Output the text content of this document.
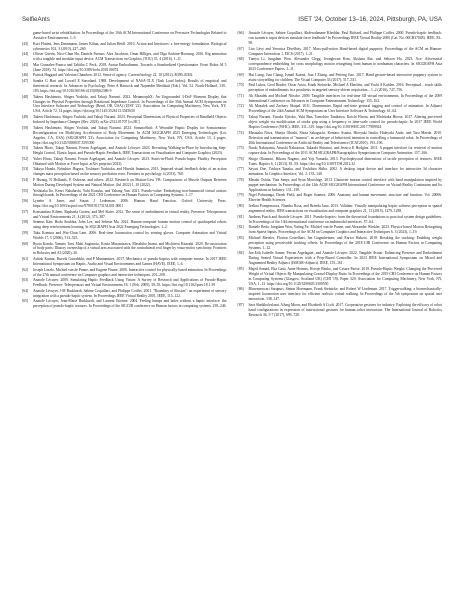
SelfieAnts	ISET '24, October 13–16, 2024, Pittsburgh, PA, USA

game-based wrist rehabilitation. In Proceedings of the 10th ACM International Conference on Pervasive Technologies Related to Assistive Environments. 1–9.

[43] Kurt Flatten, Jens Dannmann, James Kilian, and Julian Heidl. 2010. Action and Interfaces: a free-energy formulation. Biological cybernetics 102, 3 (2010), 227–260.

[44] Olivier Güerin, Nico-Chun Hu, Daniele Fuenzo, Alex Jacobson, Omar Hilliges, and Olga Sorkine-Hornung. 2016. Rig animation with a tangible and modular input device. ACM Transactions on Graphics (TOG) 35, 4 (2016), 1–11.

[45] Mar Gonzalez-Franco and Tabitha C Peck. 2018. Avatar Embodiment. Towards a Standardized Questionnaire. Front Robot AI 5 (June 2018), 74. https://doi.org/10.3389/frobt.2018.00074

[46] Patrick Haggard and Valerian Chambon. 2012. Sense of agency. Current biology 22, 10 (2012), R390–R392.

[47] Sandra G Hart and Lowell E Staveland. 1988. Development of NASA-TLX (Task Load Index): Results of empirical and theoretical research. In Advances in Psychology, Peter A Hancock and Najmedin Meshkati (Eds.). Vol. 52. North-Holland, 139–183. https://doi.org/10.1016/S0166-4115(08)62386-9

[48] Takeru Hashimoto, Shigeo Yoshida, and Takuji Narumi. 2022. MetamorphX: An Ungrounded 3-DoF Moment Display that Changes its Physical Properties through Rotational Impedance Control. In Proceedings of the 35th Annual ACM Symposium on User Interface Software and Technology (Bend, OR, USA) (UIST '22). Association for Computing Machinery, New York, NY, USA, Article 72, 14 pages. https://doi.org/10.1145/3526113.3545650

[49] Takeru Hashimoto, Shigeo Yoshida, and Takuji Narumi. 2023. Perceptual Dimensions of Physical Properties of Handheld Objects Induced by Impedance Changes (Rev. 2023). arXiv:2312.01707 [cs.HC]

[50] Takeru Hashimoto, Shigeo Yoshida, and Takuji Narumi. 2023. SomatoShift: A Wearable Haptic Display for Somatomotor Reconfiguration via Modifying Acceleration of Body Movement. In ACM SIGGRAPH 2023 Emerging Technologies (Los Angeles, CA, USA) (SIGGRAPH '23). Association for Computing Machinery, New York, NY, USA, Article 13, 2 pages. https://doi.org/10.1145/3588037.3595390

[51] Takeru Hirao, Takuji Narumi, Ferran Argelaguet, and Anatole Lécuyer. 2023. Revisiting Walking-in-Place by Introducing Step-Height Control, Elastic Input, and Pseudo-Haptic Feedback. IEEE Transactions on Visualization and Computer Graphics (2023).

[52] Yuhei Hirao, Takuji Narumi, Ferran Argelaguet, and Anatole Lécuyer. 2023. Stairs-in-Fluid: Pseudo-haptic Fluidity Perception Obtained with Motion or Force Input. arXiv preprint (2023).

[53] Takuya Honda, Nobuhiro Hagura, Toshinori Yoshioka, and Hiroshi Imamizu. 2013. Imposed visual feedback delay of an action changes mass perception based on the sensory prediction error. Frontiers in psychology 4 (2013), 760.

[54] F Hwang, N Hollands, E Osborne, and others. 2022. Research on Motion-Less VR: Comparisons of Muscle Outputs Between Motion During Developed System and Natural Motion. (Jul 2022) 1–10 (2022).

[55] Yoshitaka Ito, Kenri Nakahashi, Yuhi Kozuka, and Yakang Yan. 2021. Pseudo-value: Embodying non-humanoid virtual avatars through hands. In Proceedings of the 2021 CHI Conference on Human Factors in Computing Systems. 1–17.

[56] Lynette A Jones and Susan J Lederman. 2006. Human Hand Function. Oxford University Press. https://doi.org/10.1093/acprof:oso/9780195173154.001.0001

[57] Konstantina Kilteni, Raphaela Groten, and Mel Slater. 2012. The sense of embodiment in virtual reality. Presence: Teleoperators and Virtual Environments 21, 4 (2012), 373–387.

[58] Seamus Kim, Hoda Soubhia, John Lee, and Seheon Ma. 2022. Human-computer human motion control of quadrupedal robots using deep reinforcement learning. In SIGGRAPH Asia 2022 Emerging Technologies. 1–2.

[59] Taku Komura and Wai-Chun Lam. 2006. Real-time locomotion control by sensing gloves. Computer Animation and Virtual Worlds 17, 5 (2006), 513–525.

[60] Ryota Kondo, Yamato Tani, Maki Sugimoto, Kouta Minamizawa, Masahiko Inami, and Michiteru Kitazaki. 2020. Re-association of body parts: Illusory ownership of a virtual arm associated with the contralateral real finger by visuo-motor synchrony. Frontiers in Robotics and AI (2020), 26.

[61] Ashish Kumar, Ruzvik Guardekhi, and P Muntaminez. 2017. Mechanics of pseudo-haptics with computer mouse. In 2017 IEEE International Symposium on Haptic, Audio and Visual Environments and Games (HAVE). IEEE, 1–6.

[62] Joseph Laszlo, Michiel van de Panne, and Eugene Fiume. 2000. Interactive control for physically-based animation. In Proceedings of the 27th annual conference on Computer graphics and interactive techniques. 201–208.

[63] Anatole Lécuyer. 2009. Simulating Haptic Feedback Using Vision: A Survey of Research and Applications of Pseudo-Haptic Feedback. Presence: Teleoperators and Virtual Environments 18, 1 (Feb. 2009), 39–53. https://doi.org/10.1162/pres.18.1.39

[64] Anatole Lécuyer, J-M Burkhardt, Sabine Coquillart, and Philippe Coiffet. 2001. "Boundary of illusion": an experiment of sensory integration with a pseudo-haptic system. In Proceedings IEEE Virtual Reality 2001. IEEE, 115–122.

[65] Anatole Lécuyer, Jean-Marie Burkhardt, and Laurent Etienne. 2004. Feeling bumps and holes without a haptic interface: the perception of pseudo-haptic textures. In Proceedings of the SIGCHI conference on Human factors in computing systems. 239–246.

[66] Anatole Lécuyer, Sabine Coquillart, Abderrahmane Kheddar, Paul Richard, and Philippe Coiffet. 2000. Pseudo-haptic feedback: can isometric input devices simulate force feedback? In Proceedings IEEE Virtual Reality 2000 (Cat. No. 00CB37048). IEEE, 83–90.

[67] Lior Lévy and Veronica Divelbiss. 2017. Mass-pull-action Hand-based digital puppetry. Proceedings of the ACM on Human-Computer Interaction 1, EICS (2017), 1–21.

[68] Tianyu Li, Jungdam Won, Alexander Clegg, Jeonghwan Kim, Akshara Rai, and Sehoon Ha. 2023. Ace: Adversarial correspondence embedding for cross morphology motion retargeting from human to nonhuman characters. In SIGGRAPH Asia 2023 Conference Papers. 1–11.

[69] Hui Liang, Jian Chang, Ismail Kazmi, Jian J Zhang, and Peifeng Jiao. 2017. Hand gesture-based interactive puppetry system to assist storytelling for children. The Visual Computer 33 (2017), 517–531.

[70] Paul Lubos, Gerd Bruder, Oscar Ariza, Frank Steinicke, Michael A Eberlein, and Yoshi A Kuhlen. 2016. Perceptual... touch skills perception of embodiments in a prosthesis in targeted sensory-driven acquisition... 1–2 (2016), 747–756.

[71] Ali Mazalek and Michael Nitsche. 2009. Tangible interfaces for real-time 3D virtual environments. In Proceedings of the 2009 International Conference on Advances in Computer Entertainment Technology. 155–162.

[72] Ali Mazalek and Zachary Skopal. 2011. Drummaster. Rapid real-time gestural tagging and control of animation. In Adjunct Proceedings of the 24th Annual ACM Symposium on User Interface Software & Technology. 61–62.

[73] Takuji Narumi, Yusuke Ujitoko, Yuki Ban, Tomohiro Tanikawa, Koichi Hirota, and Michitaka Hirose. 2017. Altering perceived object weight via modification of stroke grip using a frequency or time-scale control for pseudo-haptic. In 2017 IEEE World Haptics Conference (WHC). IEEE, 311–319. https://doi.org/10.1109/WHC.2017.7989924

[74] Masataka Niwa, Shinya Ohashi, Shota Sakaguchi, Kentaro Asama, Hiroyuki Iizuka, Hideyuki Ando, and Taro Maeda. 2010. Detection and transmission of "tsumori": an archetype of behavioral intention in controlling a humanoid robot. In Proceedings of 20th International Conference on Artificial Reality and Telexistence (ICAT2010). 193–196.

[75] Naoki Nakayama, Atsushi Nakazawa, Takaaki Shiratori, and Jessica K Hodgins. 2011. A puppet interface for retrieval of motion capture data. In Proceedings of the 2011 ACM SIGGRAPH/Eurographics Symposium on Computer Animation. 157–166.

[76] Shogo Okamoto, Hikaru Nagano, and Yoji Yamada. 2013. Psychophysical dimensions of tactile perception of textures. IEEE Trans. Haptics 6, 1 (2013), 81–93. https://doi.org/10.1109/TOH.2012.32

[77] Sayuri Oue, Toshiya Tanaka, and Yoshihiro Shiba. 2002. A desktop input device and interface for interactive 3d character animation. In Graphics Interface, Vol. 2. 133–140.

[78] Masaki Oshita, Yuta Senju, and Syun Morishige. 2013. Character motion control interface with hand manipulation inspired by puppet mechanism. In Proceedings of the 12th ACM SIGGRAPH International Conference on Virtual-Reality Continuum and Its Applications in Industry. 131–138.

[79] Nigel Palastanga, Derek Field, and Roger Soames. 2006. Anatomy and human movement: structure and function. Vol. 20006. Elsevier Health Sciences.

[80] Ivelina Pomponaova, Niamha Rosa, and Brenda Jano. 2013. Validam: Visually manipulating haptic softness perception in spatial augmented reality. IEEE transactions on visualization and computer graphics 21, 11 (2015), 1279–1288.

[81] Andreas Pusch and Anatole Lécuyer. 2011. Pseudo-haptics: from the theoretical foundations to practical system design guidelines. In Proceedings of the 13th international conference on multimodal interfaces. 57–64.

[82] Daniele Reda, Jungdam Won, Yuting Ye, Michiel van de Panne, and Alexander Winkler. 2023. Physics-based Motion Retargeting from Sparse Inputs. Proceedings of the ACM on Computer Graphics and Interactive Techniques 6, 3 (2023), 1–19.

[83] Michael Rietzler, Florian Geiselhart, Jan Gugenheimer, and Enrico Rukzio. 2018. Breaking the tracking: Enabling weight perception using perceivable tracking offsets. In Proceedings of the 2018 CHI Conference on Human Factors in Computing Systems. 1–12.

[84] Jan-Erik Isabelle Samer, Ferran Argelaguet, and Anatole Lécuyer. 2022. Tangible Avatar: Enhancing Presence and Embodiment During Seated Virtual Experiences with a Prop-Based Controller. In 2023 IEEE International Symposium on Mixed and Augmented Reality Adjunct (ISMAR-Adjunct). IEEE, 155–161.

[85] Majed Samad, Elia Gatti, Anne Hermes, Hrvoje Benko, and Cesare Parise. 2019. Pseudo-Haptic Weight: Changing the Perceived Weight of Virtual Objects By Manipulating Control-Display Ratio. In Proceedings of the 2019 CHI Conference on Human Factors in Computing Systems (Glasgow, Scotland UK) (CHI '19). Paper 320. Association for Computing Machinery, New York, NY, USA, 1–13. https://doi.org/10.1145/3290605.3300550

[86] Bhuvaneswari Sarupuri, Simon Hoermann, Frank Steinicke, and Robert W Lindeman. 2017. Triggerwalking: a biomechanically-inspired locomotion user interface for efficient realistic virtual walking. In Proceedings of the 5th symposium on spatial user interaction. 138–147.

[87] Sara Sheikholeslami, AJung Moon, and Elizabeth A Croft. 2017. Cooperative gestures for industry: Exploring the efficacy of robot hand configurations in expression of instructional gestures for human–robot interaction. The International Journal of Robotics Research 36, 5-7 (2017), 699–720.
